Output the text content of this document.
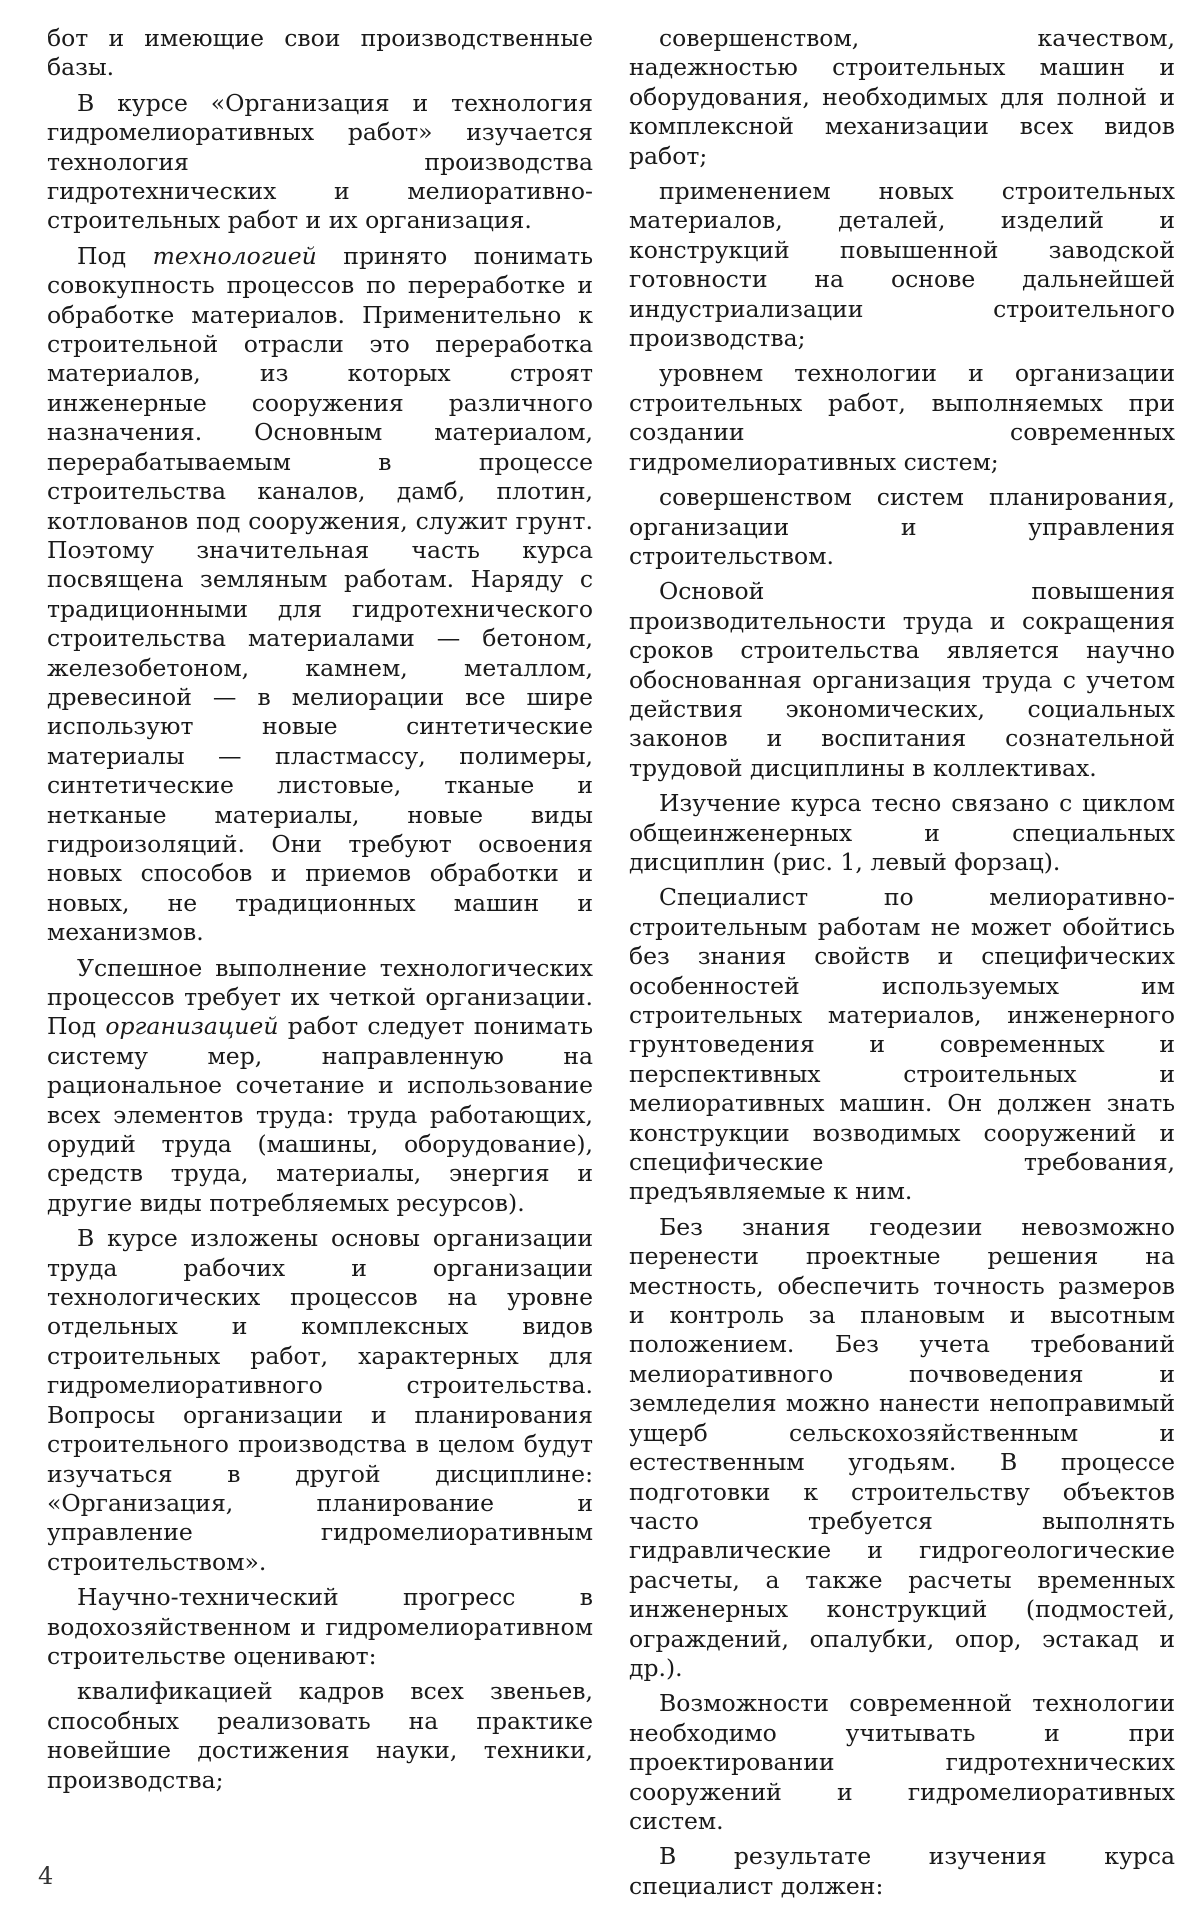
бот и имеющие свои производственные базы.

В курсе «Организация и технология гидромелиоративных работ» изучается технология производства гидротехнических и мелиоративно-строительных работ и их организация.

Под технологией принято понимать совокупность процессов по переработке и обработке материалов. Применительно к строительной отрасли это переработка материалов, из которых строят инженерные сооружения различного назначения. Основным материалом, перерабатываемым в процессе строительства каналов, дамб, плотин, котлованов под сооружения, служит грунт. Поэтому значительная часть курса посвящена земляным работам. Наряду с традиционными для гидротехнического строительства материалами — бетоном, железобетоном, камнем, металлом, древесиной — в мелиорации все шире используют новые синтетические материалы — пластмассу, полимеры, синтетические листовые, тканые и нетканые материалы, новые виды гидроизоляций. Они требуют освоения новых способов и приемов обработки и новых, не традиционных машин и механизмов.

Успешное выполнение технологических процессов требует их четкой организации. Под организацией работ следует понимать систему мер, направленную на рациональное сочетание и использование всех элементов труда: труда работающих, орудий труда (машины, оборудование), средств труда, материалы, энергия и другие виды потребляемых ресурсов).

В курсе изложены основы организации труда рабочих и организации технологических процессов на уровне отдельных и комплексных видов строительных работ, характерных для гидромелиоративного строительства. Вопросы организации и планирования строительного производства в целом будут изучаться в другой дисциплине: «Организация, планирование и управление гидромелиоративным строительством».

Научно-технический прогресс в водохозяйственном и гидромелиоративном строительстве оценивают:

квалификацией кадров всех звеньев, способных реализовать на практике новейшие достижения науки, техники, производства;

совершенством, качеством, надежностью строительных машин и оборудования, необходимых для полной и комплексной механизации всех видов работ;

применением новых строительных материалов, деталей, изделий и конструкций повышенной заводской готовности на основе дальнейшей индустриализации строительного производства;

уровнем технологии и организации строительных работ, выполняемых при создании современных гидромелиоративных систем;

совершенством систем планирования, организации и управления строительством.

Основой повышения производительности труда и сокращения сроков строительства является научно обоснованная организация труда с учетом действия экономических, социальных законов и воспитания сознательной трудовой дисциплины в коллективах.

Изучение курса тесно связано с циклом общеинженерных и специальных дисциплин (рис. 1, левый форзац).

Специалист по мелиоративно-строительным работам не может обойтись без знания свойств и специфических особенностей используемых им строительных материалов, инженерного грунтоведения и современных и перспективных строительных и мелиоративных машин. Он должен знать конструкции возводимых сооружений и специфические требования, предъявляемые к ним.

Без знания геодезии невозможно перенести проектные решения на местность, обеспечить точность размеров и контроль за плановым и высотным положением. Без учета требований мелиоративного почвоведения и земледелия можно нанести непоправимый ущерб сельскохозяйственным и естественным угодьям. В процессе подготовки к строительству объектов часто требуется выполнять гидравлические и гидрогеологические расчеты, а также расчеты временных инженерных конструкций (подмостей, ограждений, опалубки, опор, эстакад и др.).

Возможности современной технологии необходимо учитывать и при проектировании гидротехнических сооружений и гидромелиоративных систем.

В результате изучения курса специалист должен:

4
